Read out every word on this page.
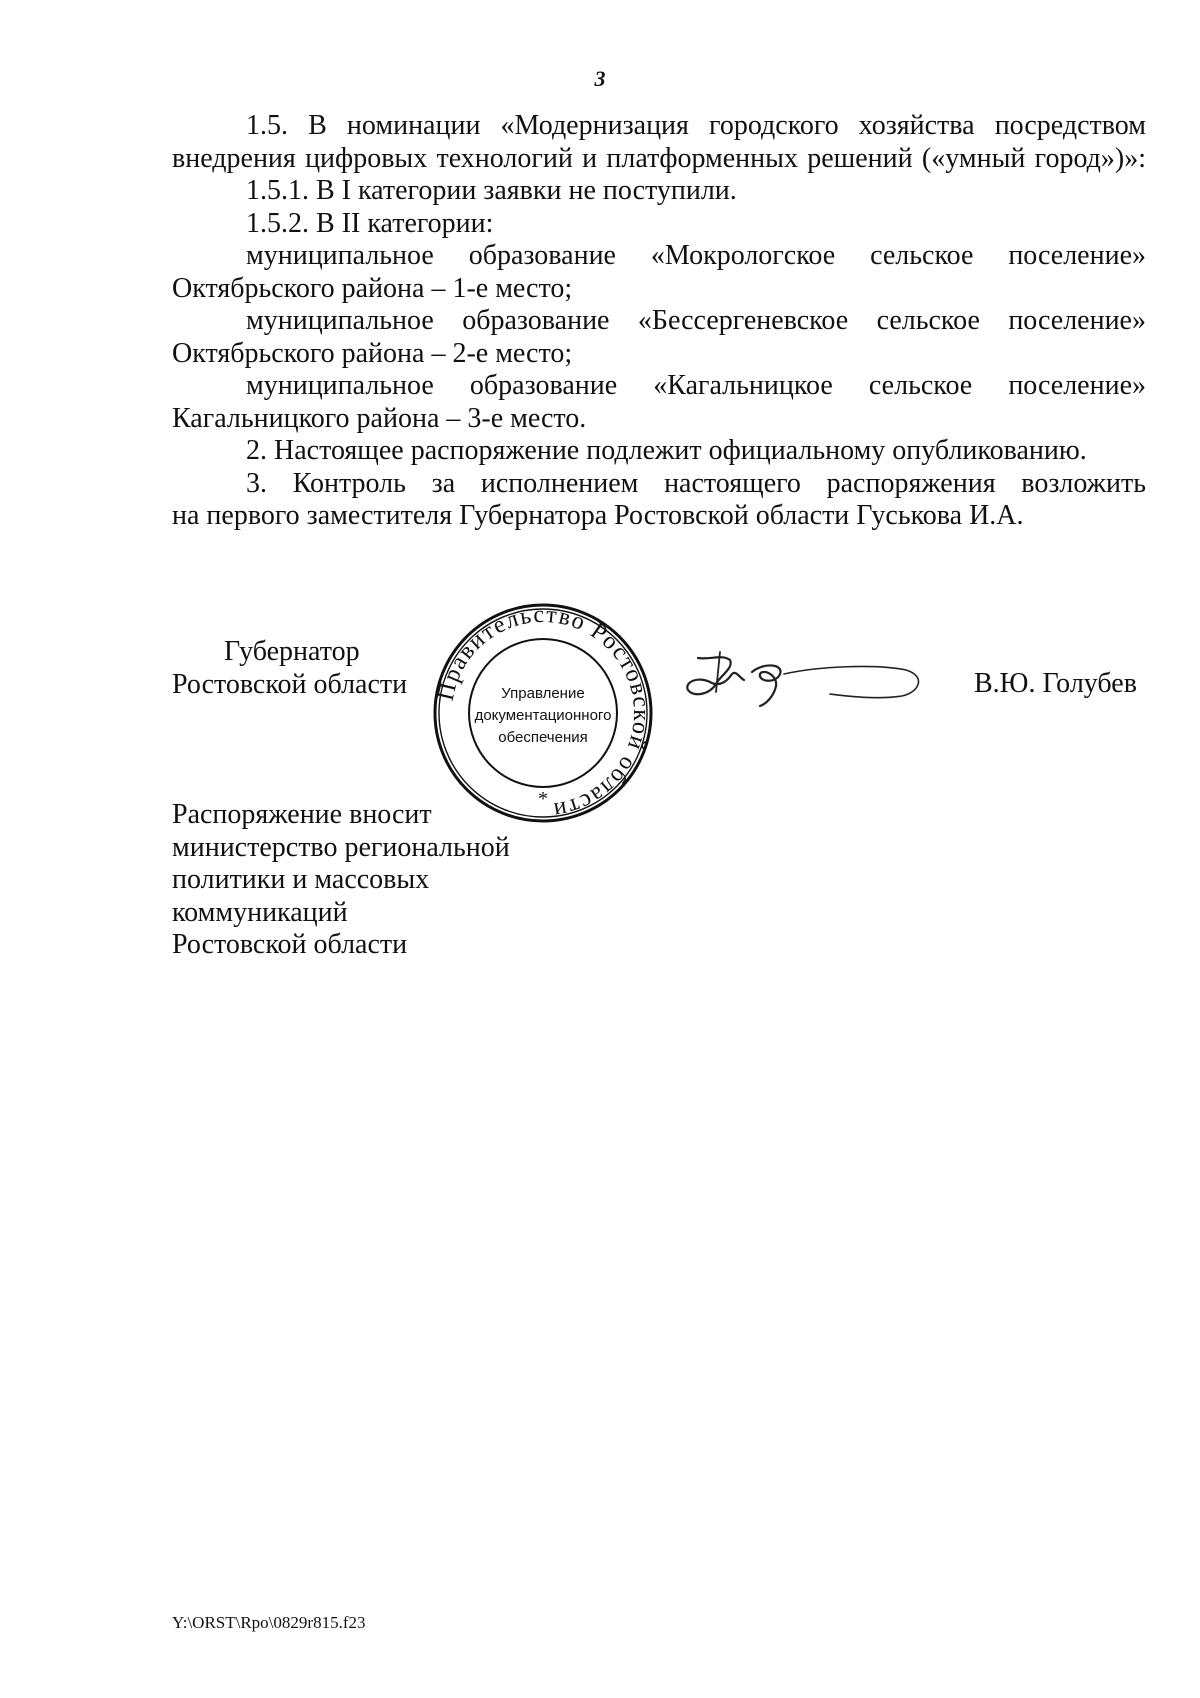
3

1.5. В номинации «Модернизация городского хозяйства посредством

внедрения цифровых технологий и платформенных решений («умный город»)»:

1.5.1. В I категории заявки не поступили.

1.5.2. В II категории:

муниципальное образование «Мокрологское сельское поселение»

Октябрьского района – 1-е место;

муниципальное образование «Бессергеневское сельское поселение»

Октябрьского района – 2-е место;

муниципальное образование «Кагальницкое сельское поселение»

Кагальницкого района – 3-е место.

2. Настоящее распоряжение подлежит официальному опубликованию.

3. Контроль за исполнением настоящего распоряжения возложить

на первого заместителя Губернатора Ростовской области Гуськова И.А.

Губернатор
Ростовской области Правительство Ростовской области
Управление
документационного
обеспечения
*
В.Ю. Голубев
Распоряжение вносит
министерство региональной
политики и массовых
коммуникаций
Ростовской области
Y:\ORST\Rpo\0829r815.f23
